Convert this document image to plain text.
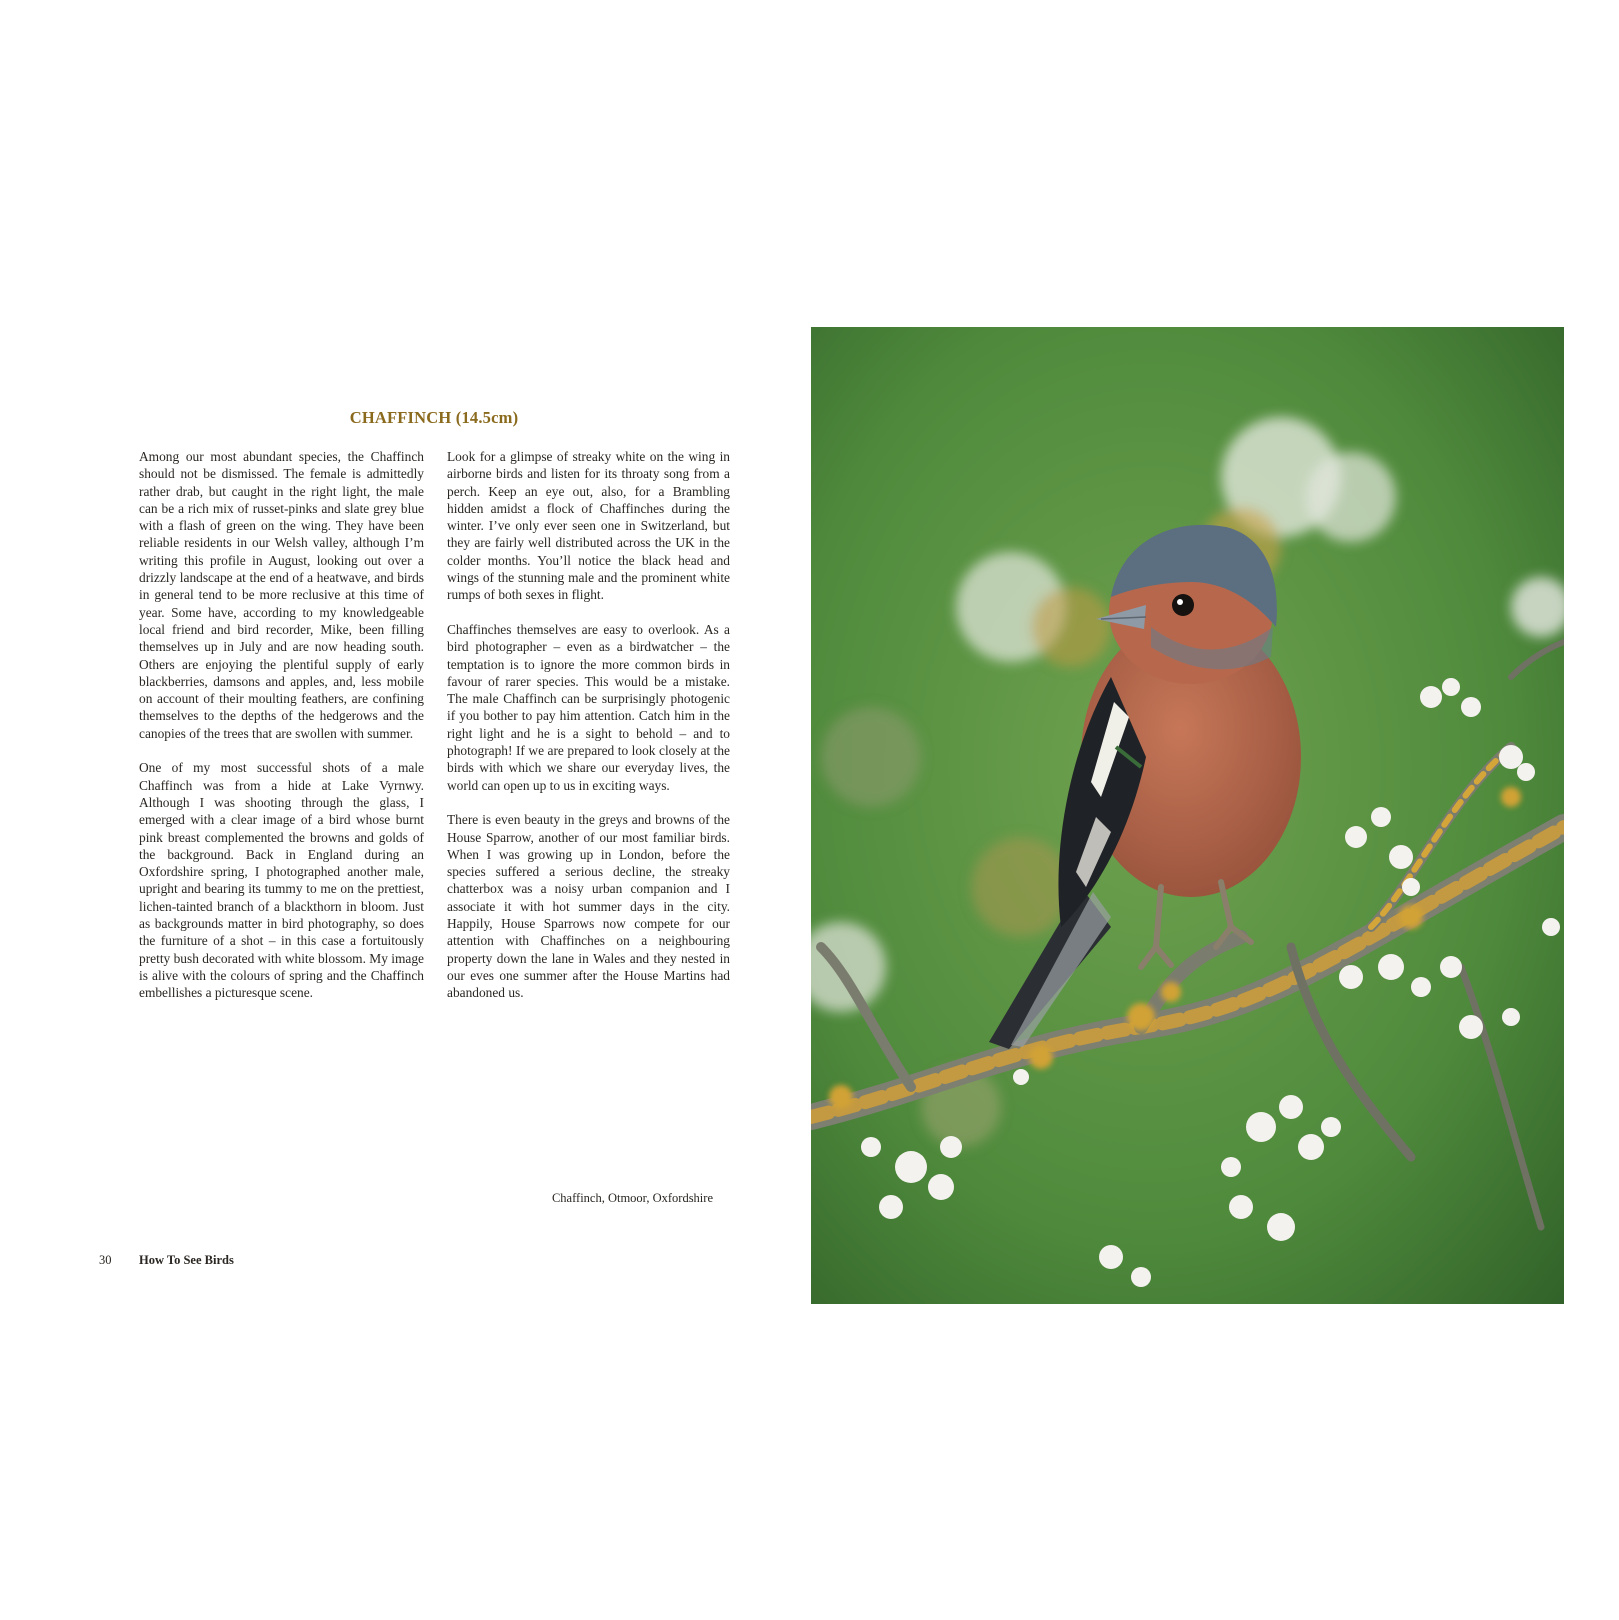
CHAFFINCH (14.5cm)

Among our most abundant species, the Chaffinch should not be dismissed. The female is admittedly rather drab, but caught in the right light, the male can be a rich mix of russet-pinks and slate grey blue with a flash of green on the wing. They have been reliable residents in our Welsh valley, although I’m writing this profile in August, looking out over a drizzly landscape at the end of a heatwave, and birds in general tend to be more reclusive at this time of year. Some have, according to my knowledgeable local friend and bird recorder, Mike, been filling themselves up in July and are now heading south. Others are enjoying the plentiful supply of early blackberries, damsons and apples, and, less mobile on account of their moulting feathers, are confining themselves to the depths of the hedgerows and the canopies of the trees that are swollen with summer.

One of my most successful shots of a male Chaffinch was from a hide at Lake Vyrnwy. Although I was shooting through the glass, I emerged with a clear image of a bird whose burnt pink breast complemented the browns and golds of the background. Back in England during an Oxfordshire spring, I photographed another male, upright and bearing its tummy to me on the prettiest, lichen-tainted branch of a blackthorn in bloom. Just as backgrounds matter in bird photography, so does the furniture of a shot – in this case a fortuitously pretty bush decorated with white blossom. My image is alive with the colours of spring and the Chaffinch embellishes a picturesque scene.

Look for a glimpse of streaky white on the wing in airborne birds and listen for its throaty song from a perch. Keep an eye out, also, for a Brambling hidden amidst a flock of Chaffinches during the winter. I’ve only ever seen one in Switzerland, but they are fairly well distributed across the UK in the colder months. You’ll notice the black head and wings of the stunning male and the prominent white rumps of both sexes in flight.

Chaffinches themselves are easy to overlook. As a bird photographer – even as a birdwatcher – the temptation is to ignore the more common birds in favour of rarer species. This would be a mistake. The male Chaffinch can be surprisingly photogenic if you bother to pay him attention. Catch him in the right light and he is a sight to behold – and to photograph! If we are prepared to look closely at the birds with which we share our everyday lives, the world can open up to us in exciting ways.

There is even beauty in the greys and browns of the House Sparrow, another of our most familiar birds. When I was growing up in London, before the species suffered a serious decline, the streaky chatterbox was a noisy urban companion and I associate it with hot summer days in the city. Happily, House Sparrows now compete for our attention with Chaffinches on a neighbouring property down the lane in Wales and they nested in our eves one summer after the House Martins had abandoned us.

Chaffinch, Otmoor, Oxfordshire
30 How To See Birds
